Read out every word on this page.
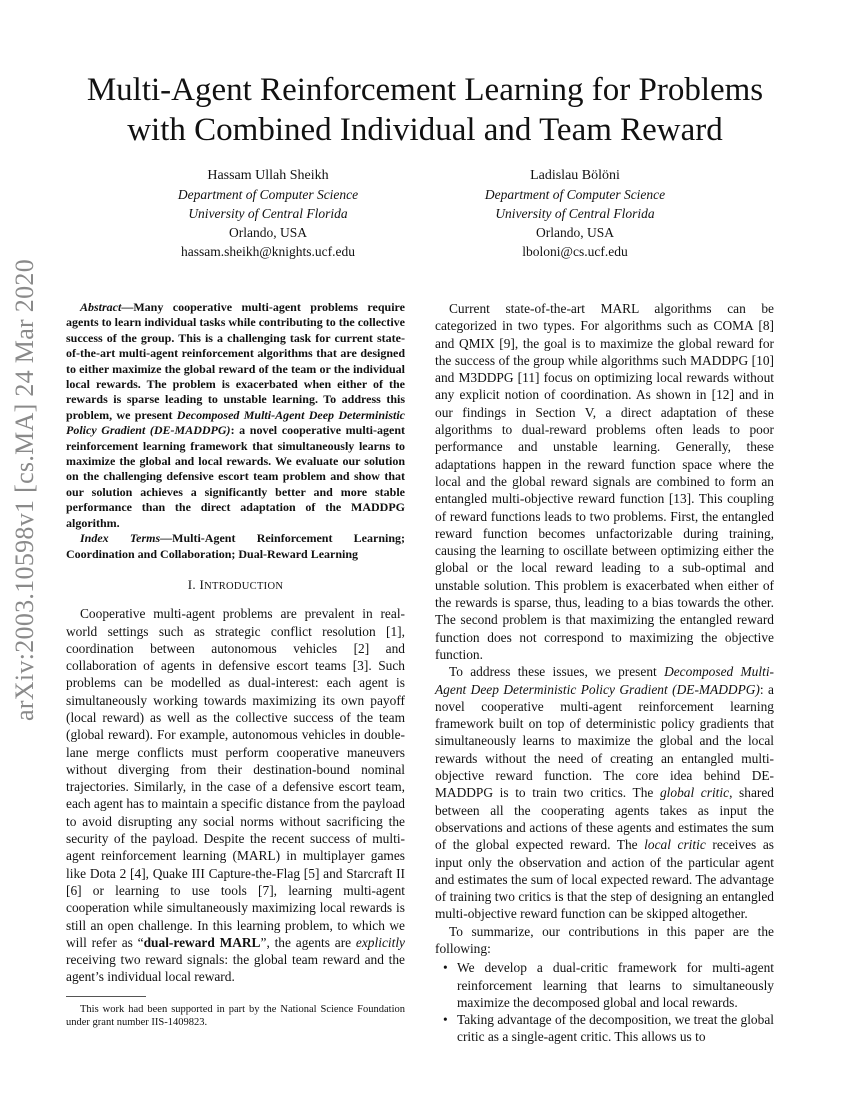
Multi-Agent Reinforcement Learning for Problems
with Combined Individual and Team Reward
Hassam Ullah Sheikh
Department of Computer Science
University of Central Florida
Orlando, USA
hassam.sheikh@knights.ucf.edu
Ladislau Bölöni
Department of Computer Science
University of Central Florida
Orlando, USA
lboloni@cs.ucf.edu
arXiv:2003.10598v1 [cs.MA] 24 Mar 2020	Abstract—Many cooperative multi-agent problems require agents to learn individual tasks while contributing to the collective success of the group. This is a challenging task for current state-of-the-art multi-agent reinforcement algorithms that are designed to either maximize the global reward of the team or the individual local rewards. The problem is exacerbated when either of the rewards is sparse leading to unstable learning. To address this problem, we present Decomposed Multi-Agent Deep Deterministic Policy Gradient (DE-MADDPG): a novel cooperative multi-agent reinforcement learning framework that simultaneously learns to maximize the global and local rewards. We evaluate our solution on the challenging defensive escort team problem and show that our solution achieves a significantly better and more stable performance than the direct adaptation of the MADDPG algorithm.

Index Terms—Multi-Agent Reinforcement Learning; Coordination and Collaboration; Dual-Reward Learning

I. INTRODUCTION

Cooperative multi-agent problems are prevalent in real-world settings such as strategic conflict resolution [1], coordination between autonomous vehicles [2] and collaboration of agents in defensive escort teams [3]. Such problems can be modelled as dual-interest: each agent is simultaneously working towards maximizing its own payoff (local reward) as well as the collective success of the team (global reward). For example, autonomous vehicles in double-lane merge conflicts must perform cooperative maneuvers without diverging from their destination-bound nominal trajectories. Similarly, in the case of a defensive escort team, each agent has to maintain a specific distance from the payload to avoid disrupting any social norms without sacrificing the security of the payload. Despite the recent success of multi-agent reinforcement learning (MARL) in multiplayer games like Dota 2 [4], Quake III Capture-the-Flag [5] and Starcraft II [6] or learning to use tools [7], learning multi-agent cooperation while simultaneously maximizing local rewards is still an open challenge. In this learning problem, to which we will refer as “dual-reward MARL”, the agents are explicitly receiving two reward signals: the global team reward and the agent’s individual local reward.

This work had been supported in part by the National Science Foundation under grant number IIS-1409823.

Current state-of-the-art MARL algorithms can be categorized in two types. For algorithms such as COMA [8] and QMIX [9], the goal is to maximize the global reward for the success of the group while algorithms such MADDPG [10] and M3DDPG [11] focus on optimizing local rewards without any explicit notion of coordination. As shown in [12] and in our findings in Section V, a direct adaptation of these algorithms to dual-reward problems often leads to poor performance and unstable learning. Generally, these adaptations happen in the reward function space where the local and the global reward signals are combined to form an entangled multi-objective reward function [13]. This coupling of reward functions leads to two problems. First, the entangled reward function becomes unfactorizable during training, causing the learning to oscillate between optimizing either the global or the local reward leading to a sub-optimal and unstable solution. This problem is exacerbated when either of the rewards is sparse, thus, leading to a bias towards the other. The second problem is that maximizing the entangled reward function does not correspond to maximizing the objective function.

To address these issues, we present Decomposed Multi-Agent Deep Deterministic Policy Gradient (DE-MADDPG): a novel cooperative multi-agent reinforcement learning framework built on top of deterministic policy gradients that simultaneously learns to maximize the global and the local rewards without the need of creating an entangled multi-objective reward function. The core idea behind DE-MADDPG is to train two critics. The global critic, shared between all the cooperating agents takes as input the observations and actions of these agents and estimates the sum of the global expected reward. The local critic receives as input only the observation and action of the particular agent and estimates the sum of local expected reward. The advantage of training two critics is that the step of designing an entangled multi-objective reward function can be skipped altogether.

To summarize, our contributions in this paper are the following:

• We develop a dual-critic framework for multi-agent reinforcement learning that learns to simultaneously maximize the decomposed global and local rewards.
• Taking advantage of the decomposition, we treat the global critic as a single-agent critic. This allows us to
